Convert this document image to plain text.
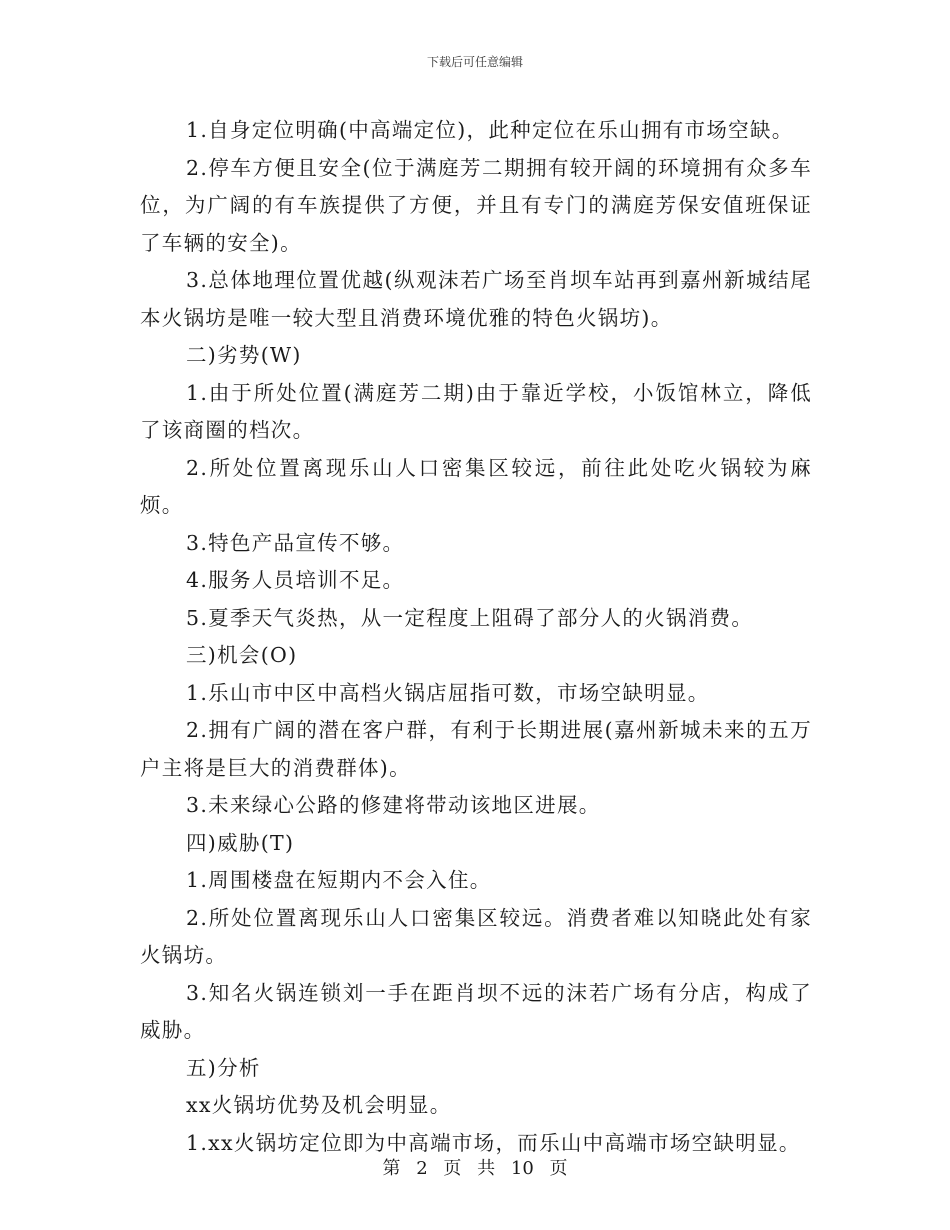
下载后可任意编辑

1.自身定位明确(中高端定位)，此种定位在乐山拥有市场空缺。

2.停车方便且安全(位于满庭芳二期拥有较开阔的环境拥有众多车位，为广阔的有车族提供了方便，并且有专门的满庭芳保安值班保证了车辆的安全)。

3.总体地理位置优越(纵观沫若广场至肖坝车站再到嘉州新城结尾本火锅坊是唯一较大型且消费环境优雅的特色火锅坊)。

二)劣势(W)

1.由于所处位置(满庭芳二期)由于靠近学校，小饭馆林立，降低了该商圈的档次。

2.所处位置离现乐山人口密集区较远，前往此处吃火锅较为麻烦。

3.特色产品宣传不够。

4.服务人员培训不足。

5.夏季天气炎热，从一定程度上阻碍了部分人的火锅消费。

三)机会(O)

1.乐山市中区中高档火锅店屈指可数，市场空缺明显。

2.拥有广阔的潜在客户群，有利于长期进展(嘉州新城未来的五万户主将是巨大的消费群体)。

3.未来绿心公路的修建将带动该地区进展。

四)威胁(T)

1.周围楼盘在短期内不会入住。

2.所处位置离现乐山人口密集区较远。消费者难以知晓此处有家火锅坊。

3.知名火锅连锁刘一手在距肖坝不远的沫若广场有分店，构成了威胁。

五)分析

xx火锅坊优势及机会明显。

1.xx火锅坊定位即为中高端市场，而乐山中高端市场空缺明显。

第 2 页 共 10 页
